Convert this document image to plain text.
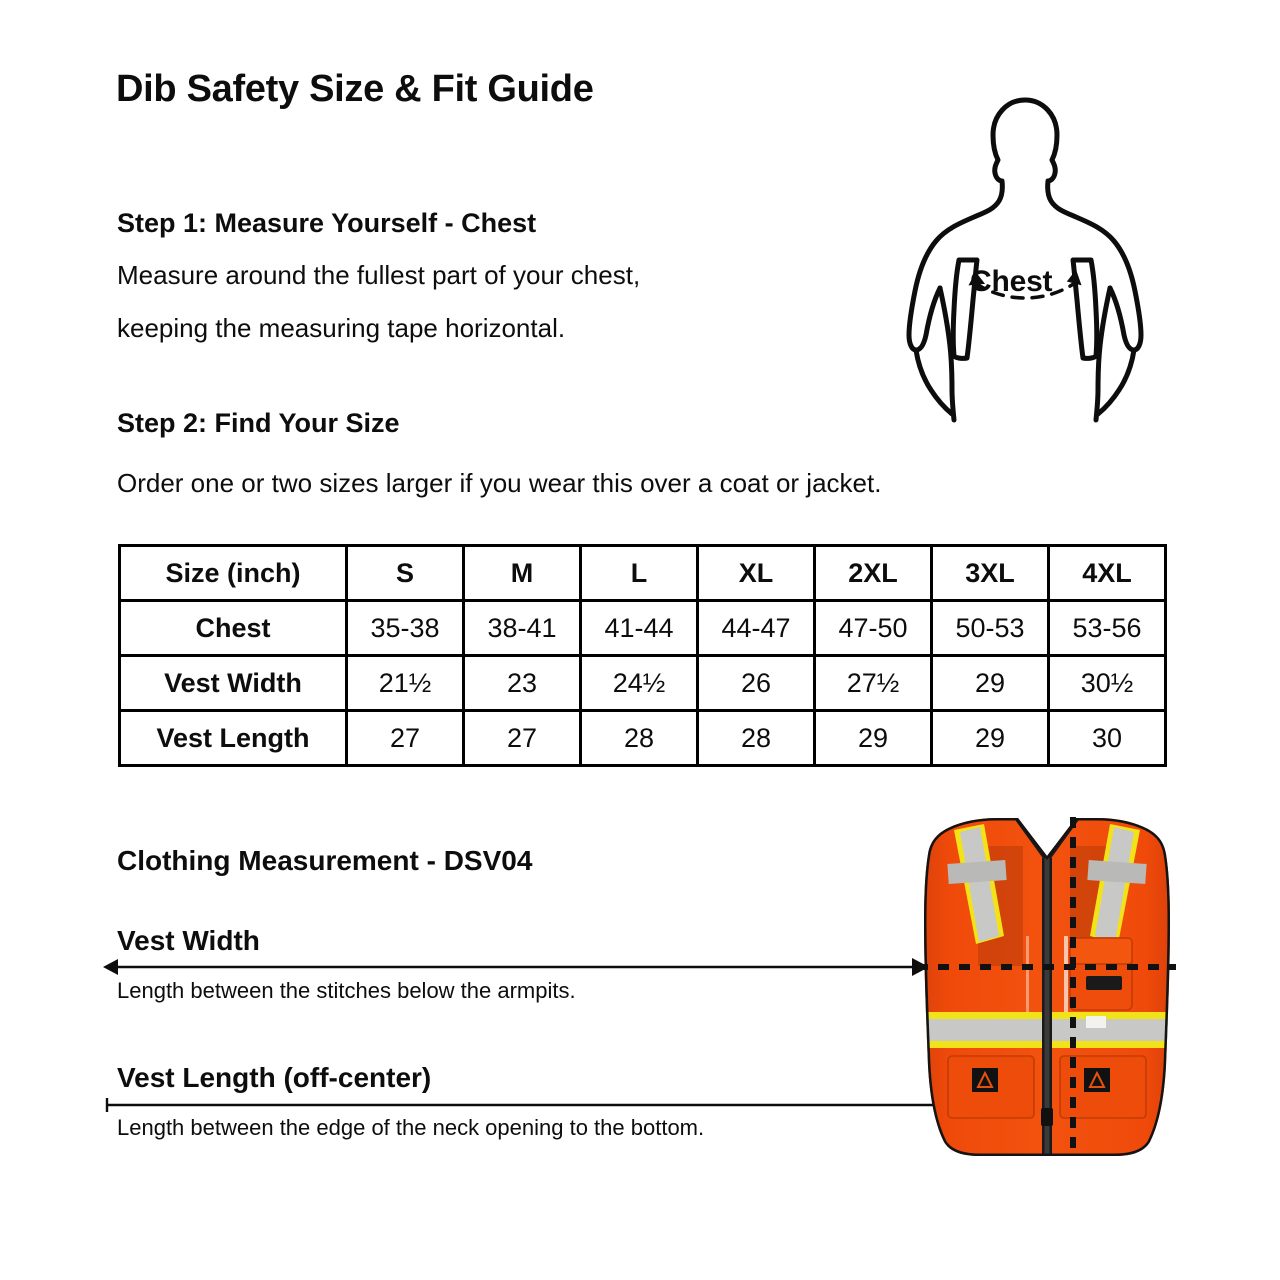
Dib Safety Size & Fit Guide
Step 1: Measure Yourself - Chest
Measure around the fullest part of your chest,
keeping the measuring tape horizontal.
Chest
Step 2: Find Your Size
Order one or two sizes larger if you wear this over a coat or jacket.
Size (inch)	S	M	L	XL	2XL	3XL	4XL
Chest	35-38	38-41	41-44	44-47	47-50	50-53	53-56
Vest Width	21½	23	24½	26	27½	29	30½
Vest Length	27	27	28	28	29	29	30
Clothing Measurement - DSV04
Vest Width
Length between the stitches below the armpits.
Vest Length (off-center)
Length between the edge of the neck opening to the bottom.
